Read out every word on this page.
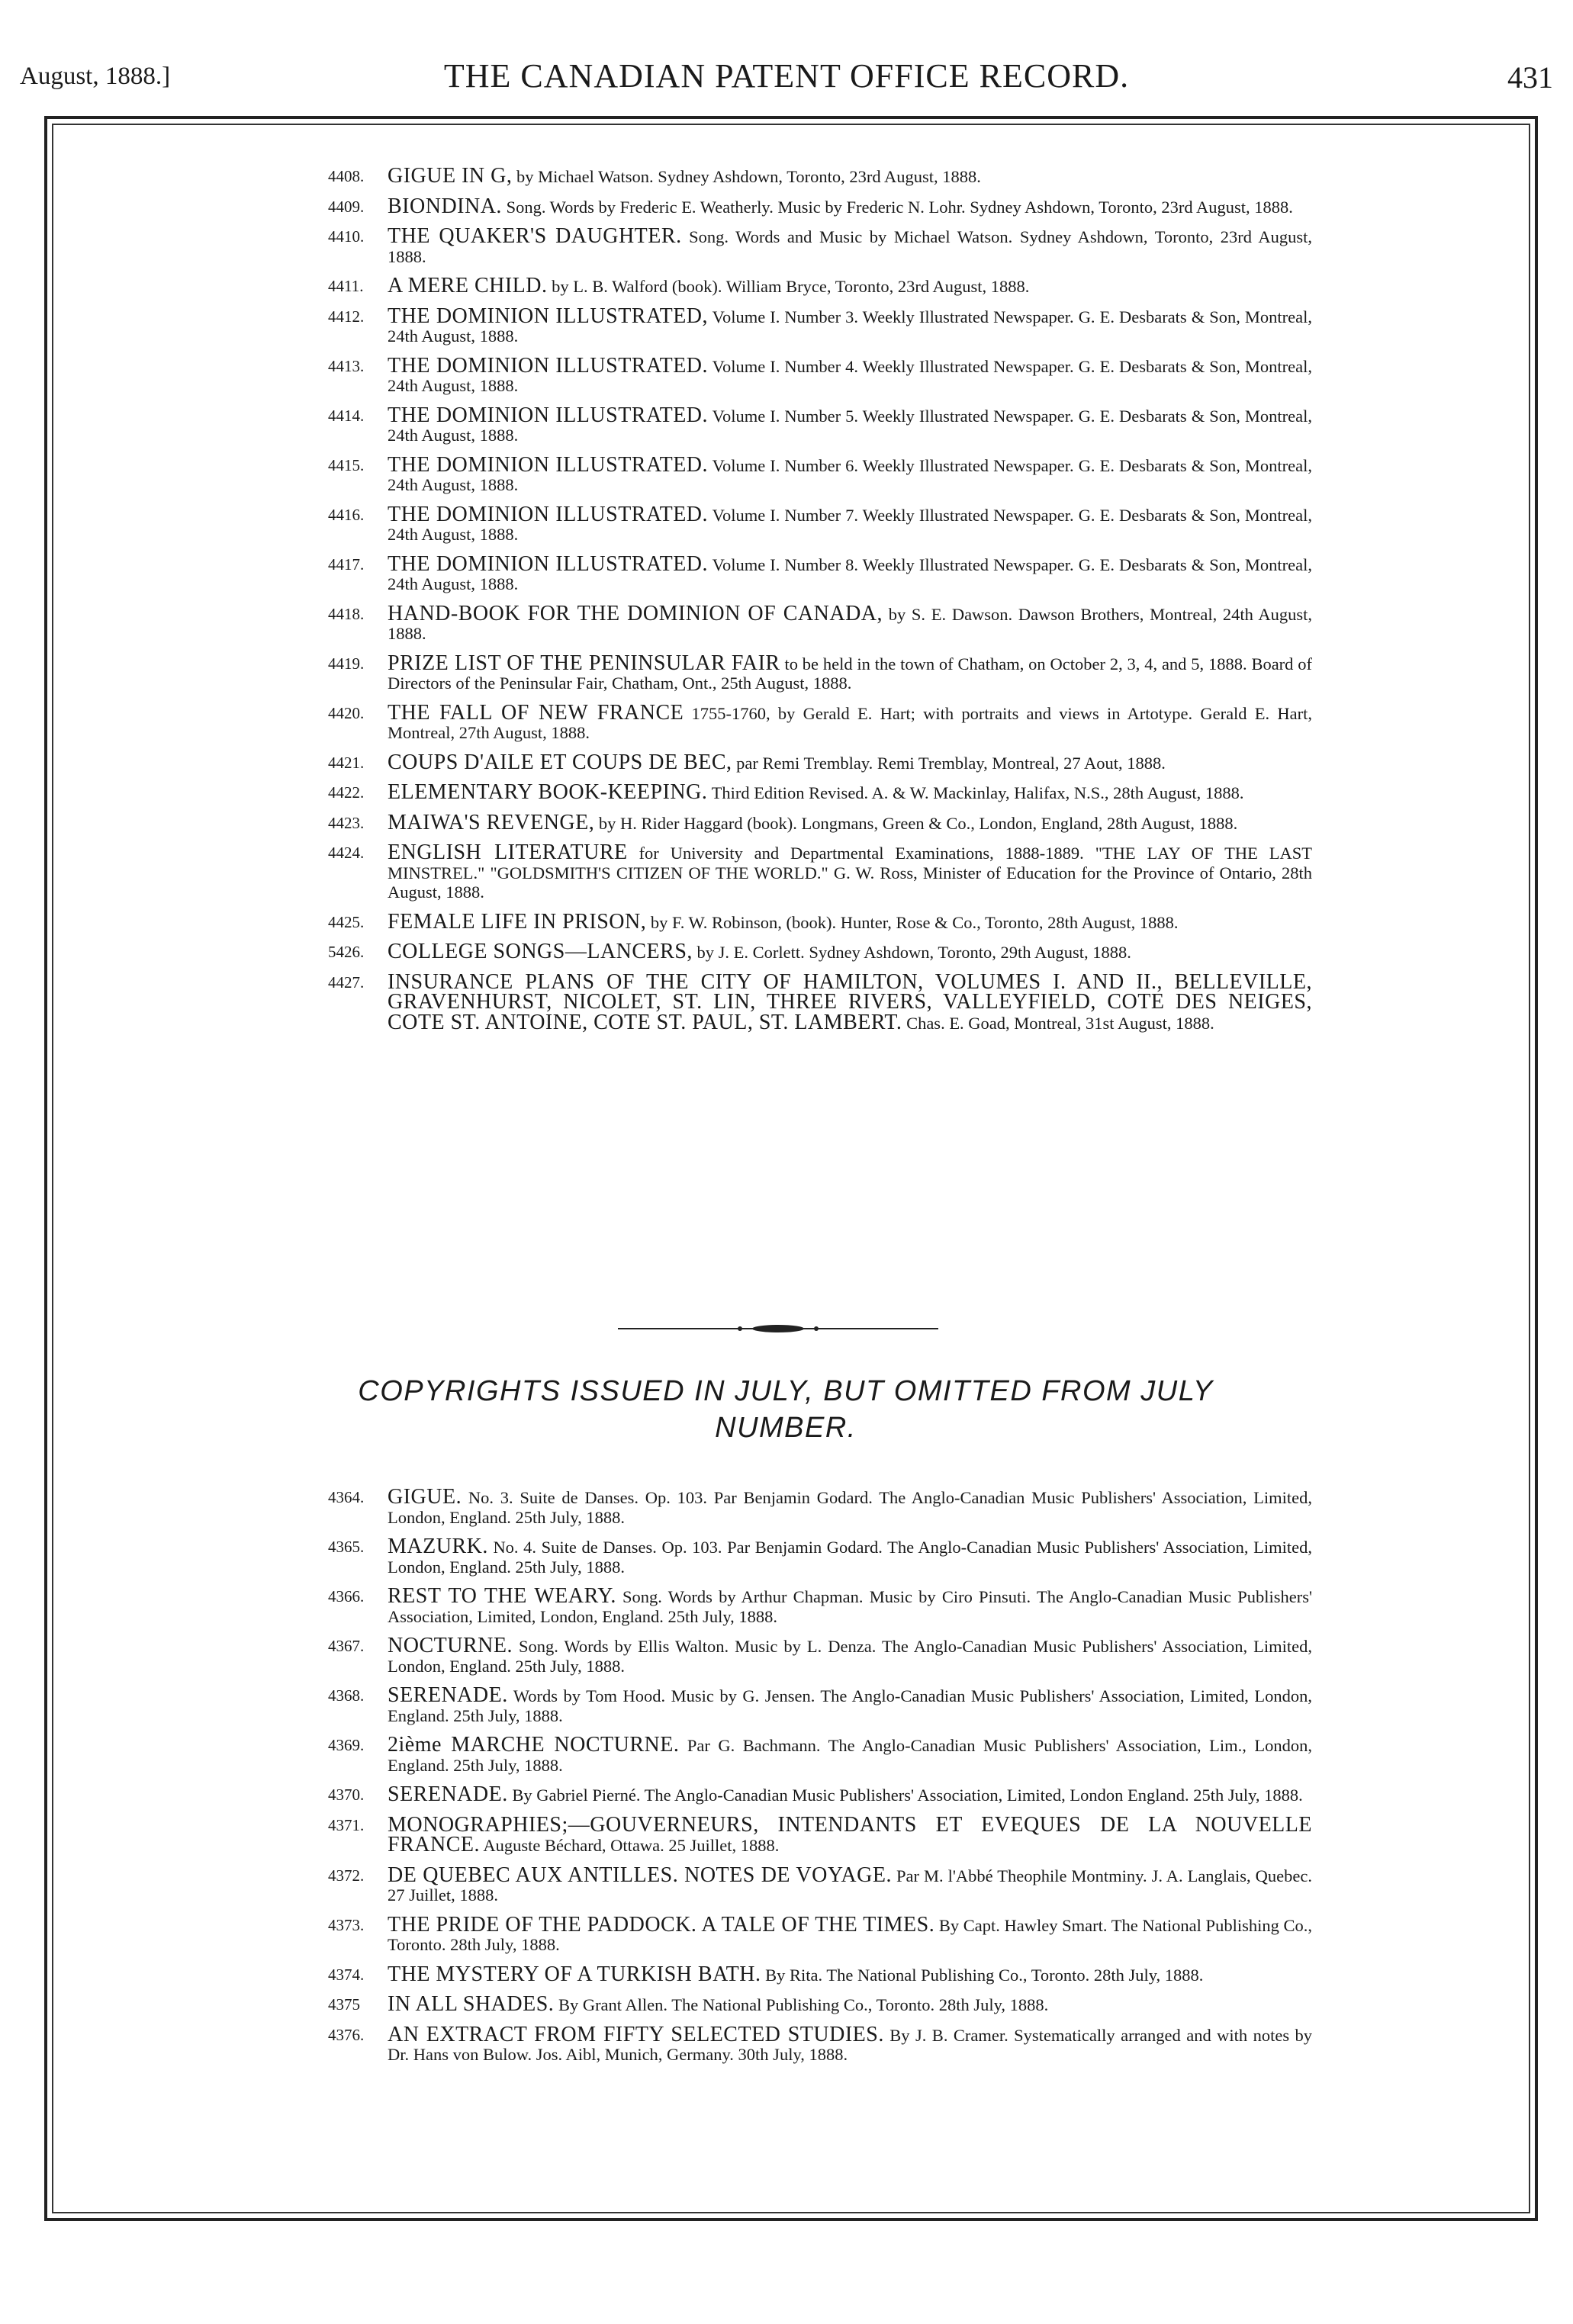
August, 1888.]	THE CANADIAN PATENT OFFICE RECORD.	431
4408. GIGUE IN G, by Michael Watson. Sydney Ashdown, Toronto, 23rd August, 1888.
4409. BIONDINA. Song. Words by Frederic E. Weatherly. Music by Frederic N. Lohr. Sydney Ashdown, Toronto, 23rd August, 1888.
4410. THE QUAKER'S DAUGHTER. Song. Words and Music by Michael Watson. Sydney Ashdown, Toronto, 23rd August, 1888.
4411. A MERE CHILD. by L. B. Walford (book). William Bryce, Toronto, 23rd August, 1888.
4412. THE DOMINION ILLUSTRATED, Volume I. Number 3. Weekly Illustrated Newspaper. G. E. Desbarats & Son, Montreal, 24th August, 1888.
4413. THE DOMINION ILLUSTRATED. Volume I. Number 4. Weekly Illustrated Newspaper. G. E. Desbarats & Son, Montreal, 24th August, 1888.
4414. THE DOMINION ILLUSTRATED. Volume I. Number 5. Weekly Illustrated Newspaper. G. E. Desbarats & Son, Montreal, 24th August, 1888.
4415. THE DOMINION ILLUSTRATED. Volume I. Number 6. Weekly Illustrated Newspaper. G. E. Desbarats & Son, Montreal, 24th August, 1888.
4416. THE DOMINION ILLUSTRATED. Volume I. Number 7. Weekly Illustrated Newspaper. G. E. Desbarats & Son, Montreal, 24th August, 1888.
4417. THE DOMINION ILLUSTRATED. Volume I. Number 8. Weekly Illustrated Newspaper. G. E. Desbarats & Son, Montreal, 24th August, 1888.
4418. HAND-BOOK FOR THE DOMINION OF CANADA, by S. E. Dawson. Dawson Brothers, Montreal, 24th August, 1888.
4419. PRIZE LIST OF THE PENINSULAR FAIR to be held in the town of Chatham, on October 2, 3, 4, and 5, 1888. Board of Directors of the Peninsular Fair, Chatham, Ont., 25th August, 1888.
4420. THE FALL OF NEW FRANCE 1755-1760, by Gerald E. Hart; with portraits and views in Artotype. Gerald E. Hart, Montreal, 27th August, 1888.
4421. COUPS D'AILE ET COUPS DE BEC, par Remi Tremblay. Remi Tremblay, Montreal, 27 Aout, 1888.
4422. ELEMENTARY BOOK-KEEPING. Third Edition Revised. A. & W. Mackinlay, Halifax, N.S., 28th August, 1888.
4423. MAIWA'S REVENGE, by H. Rider Haggard (book). Longmans, Green & Co., London, England, 28th August, 1888.
4424. ENGLISH LITERATURE for University and Departmental Examinations, 1888-1889. "THE LAY OF THE LAST MINSTREL." "GOLDSMITH'S CITIZEN OF THE WORLD." G. W. Ross, Minister of Education for the Province of Ontario, 28th August, 1888.
4425. FEMALE LIFE IN PRISON, by F. W. Robinson, (book). Hunter, Rose & Co., Toronto, 28th August, 1888.
5426. COLLEGE SONGS—LANCERS, by J. E. Corlett. Sydney Ashdown, Toronto, 29th August, 1888.
4427. INSURANCE PLANS OF THE CITY OF HAMILTON, VOLUMES I. AND II., BELLEVILLE, GRAVENHURST, NICOLET, ST. LIN, THREE RIVERS, VALLEYFIELD, COTE DES NEIGES, COTE ST. ANTOINE, COTE ST. PAUL, ST. LAMBERT. Chas. E. Goad, Montreal, 31st August, 1888.
COPYRIGHTS ISSUED IN JULY, BUT OMITTED FROM JULY NUMBER.
4364. GIGUE. No. 3. Suite de Danses. Op. 103. Par Benjamin Godard. The Anglo-Canadian Music Publishers' Association, Limited, London, England. 25th July, 1888.
4365. MAZURK. No. 4. Suite de Danses. Op. 103. Par Benjamin Godard. The Anglo-Canadian Music Publishers' Association, Limited, London, England. 25th July, 1888.
4366. REST TO THE WEARY. Song. Words by Arthur Chapman. Music by Ciro Pinsuti. The Anglo-Canadian Music Publishers' Association, Limited, London, England. 25th July, 1888.
4367. NOCTURNE. Song. Words by Ellis Walton. Music by L. Denza. The Anglo-Canadian Music Publishers' Association, Limited, London, England. 25th July, 1888.
4368. SERENADE. Words by Tom Hood. Music by G. Jensen. The Anglo-Canadian Music Publishers' Association, Limited, London, England. 25th July, 1888.
4369. 2ième MARCHE NOCTURNE. Par G. Bachmann. The Anglo-Canadian Music Publishers' Association, Lim., London, England. 25th July, 1888.
4370. SERENADE. By Gabriel Pierné. The Anglo-Canadian Music Publishers' Association, Limited, London England. 25th July, 1888.
4371. MONOGRAPHIES;—GOUVERNEURS, INTENDANTS ET EVEQUES DE LA NOUVELLE FRANCE. Auguste Béchard, Ottawa. 25 Juillet, 1888.
4372. DE QUEBEC AUX ANTILLES. NOTES DE VOYAGE. Par M. l'Abbé Theophile Montminy. J. A. Langlais, Quebec. 27 Juillet, 1888.
4373. THE PRIDE OF THE PADDOCK. A TALE OF THE TIMES. By Capt. Hawley Smart. The National Publishing Co., Toronto. 28th July, 1888.
4374. THE MYSTERY OF A TURKISH BATH. By Rita. The National Publishing Co., Toronto. 28th July, 1888.
4375 IN ALL SHADES. By Grant Allen. The National Publishing Co., Toronto. 28th July, 1888.
4376. AN EXTRACT FROM FIFTY SELECTED STUDIES. By J. B. Cramer. Systematically arranged and with notes by Dr. Hans von Bulow. Jos. Aibl, Munich, Germany. 30th July, 1888.
